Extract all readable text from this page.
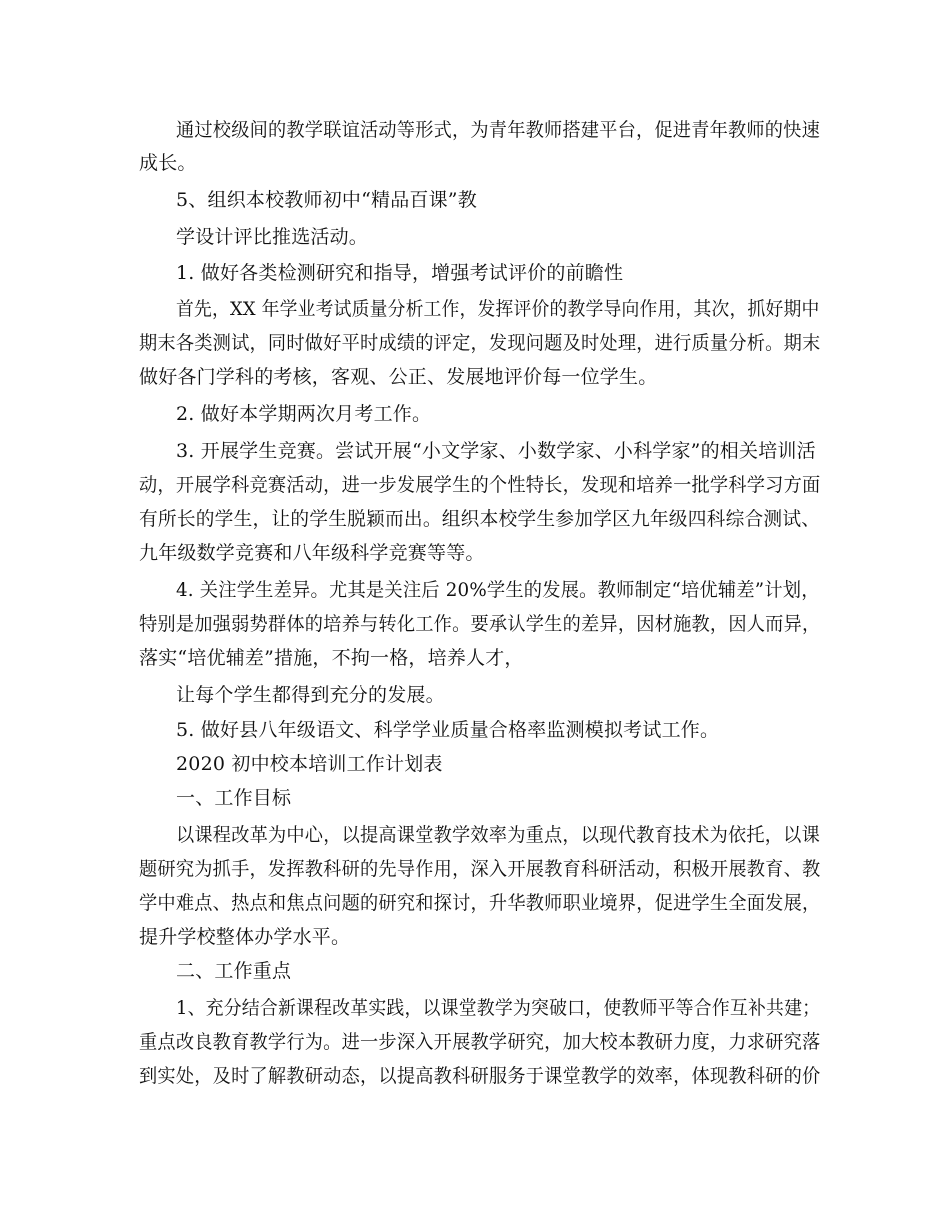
通过校级间的教学联谊活动等形式，为青年教师搭建平台，促进青年教师的快速
成长。
5、组织本校教师初中“精品百课”教
学设计评比推选活动。
1. 做好各类检测研究和指导，增强考试评价的前瞻性
首先，XX 年学业考试质量分析工作，发挥评价的教学导向作用，其次，抓好期中
期末各类测试，同时做好平时成绩的评定，发现问题及时处理，进行质量分析。期末
做好各门学科的考核，客观、公正、发展地评价每一位学生。
2. 做好本学期两次月考工作。
3. 开展学生竞赛。尝试开展“小文学家、小数学家、小科学家”的相关培训活
动，开展学科竞赛活动，进一步发展学生的个性特长，发现和培养一批学科学习方面
有所长的学生，让的学生脱颖而出。组织本校学生参加学区九年级四科综合测试、
九年级数学竞赛和八年级科学竞赛等等。
4. 关注学生差异。尤其是关注后 20%学生的发展。教师制定“培优辅差”计划，
特别是加强弱势群体的培养与转化工作。要承认学生的差异，因材施教，因人而异，
落实“培优辅差”措施，不拘一格，培养人才，
让每个学生都得到充分的发展。
5. 做好县八年级语文、科学学业质量合格率监测模拟考试工作。
2020 初中校本培训工作计划表
一、工作目标
以课程改革为中心，以提高课堂教学效率为重点，以现代教育技术为依托，以课
题研究为抓手，发挥教科研的先导作用，深入开展教育科研活动，积极开展教育、教
学中难点、热点和焦点问题的研究和探讨，升华教师职业境界，促进学生全面发展，
提升学校整体办学水平。
二、工作重点
1、充分结合新课程改革实践，以课堂教学为突破口，使教师平等合作互补共建；
重点改良教育教学行为。进一步深入开展教学研究，加大校本教研力度，力求研究落
到实处，及时了解教研动态，以提高教科研服务于课堂教学的效率，体现教科研的价
